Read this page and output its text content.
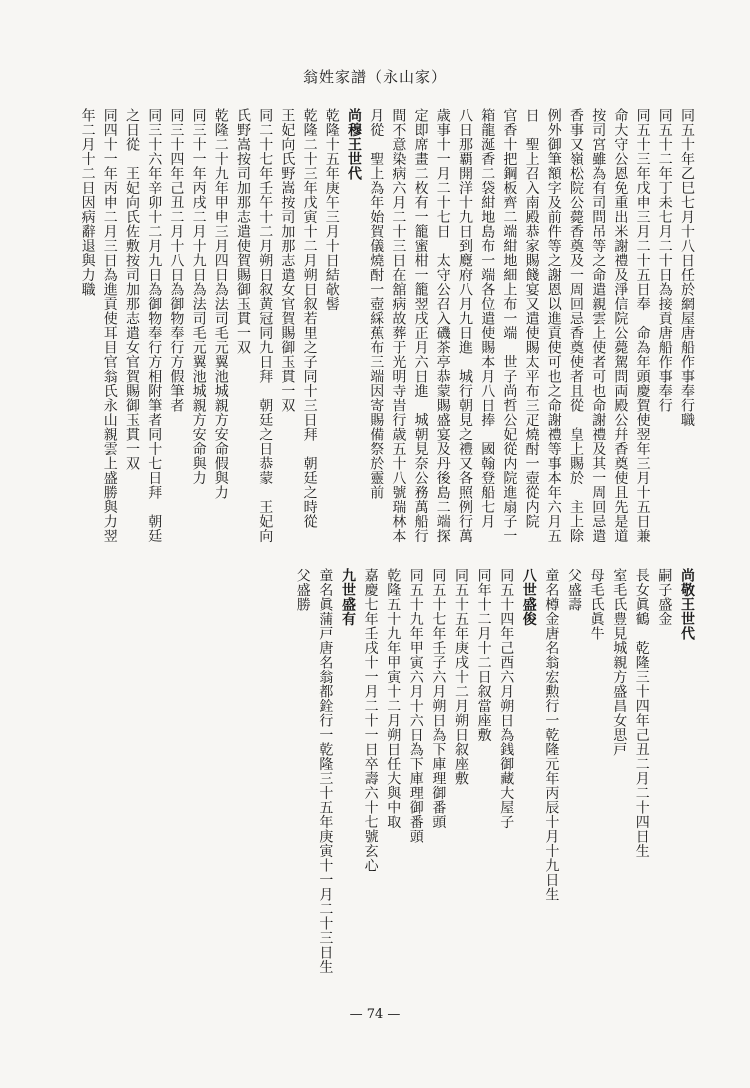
翁姓家譜（永山家）
同五十年乙巳七月十八日任於網屋唐船作事奉行職
同五十二年丁未七月二十日為接貢唐船作事奉行
同五十三年戊申三月二十五日奉　命為年頭慶賀使翌年三月十五日兼
命大守公恩免重出米謝禮及淨信院公薨駕問両殿公幷香奠使且先是道
按司宮雖為有司問吊等之命遣親雲上使者可也命謝禮及其一周回忌遣
香事又嶺松院公薨香奠及一周回忌香奠使者且從　皇上賜於　主上除
例外御筆額字及前件等之謝恩以進貢使可也之命謝禮等事本年六月五
日　聖上召入南殿恭家賜餞宴又遣使賜太平布三疋燒酎一壺從内院
官香十把鋼板齊二端紺地細上布一端　世子尚哲公妃從内院進扇子一
箱龍涎香二袋紺地島布一端各位遣使賜本月八日捧　國翰登船七月
八日那覇開洋十九日到麑府八月九日進　城行朝見之禮又各照例行萬
歳事十一月二十七日　太守公召入磯茶亭恭蒙賜盛宴及丹後島二端探
定即席畫二枚有一籠蜜柑一籠翌戌正月六日進　城朝見奈公務萬船行
間不意染病六月二十三日在舘病故葬于光明寺旹行歳五十八號瑞林本
月從　聖上為年始賀儀燒酎一壺綵蕉布三端因寄賜備祭於靈前
尚穆王世代
乾隆十五年庚午三月十日結欹髻
乾隆二十三年戊寅十二月朔日叙若里之子同十三日拜　朝廷之時從
王妃向氏野嵩按司加那志遣女官賀賜御玉貫一双
同二十七年壬午十二月朔日叙黄冠同九日拜　朝廷之日恭蒙　王妃向
氏野嵩按司加那志遣使賀賜御玉貫一双
乾隆二十九年甲申三月四日為法司毛元翼池城親方安命假與力
同三十一年丙戌二月十九日為法司毛元翼池城親方安命與力
同三十四年己丑二月十八日為御物奉行方假筆者
同三十六年辛卯十二月九日為御物奉行方相附筆者同十七日拜　朝廷
之日從　王妃向氏佐敷按司加那志遣女官賀賜御玉貫一双
同四十一年丙申二月三日為進貢使耳目官翁氏永山親雲上盛勝與力翌
年二月十二日因病辭退與力職
尚敬王世代
嗣子盛金
長女眞鶴　乾隆三十四年己丑二月二十四日生
室毛氏豊見城親方盛昌女思戸
母毛氏眞牛
父盛壽
童名樽金唐名翁宏勲行一乾隆元年丙辰十月十九日生
八世盛俊
同五十四年己酉六月朔日為銭御藏大屋子
同年十二月十二日叙當座敷
同五十五年庚戌十二月朔日叙座敷
同五十七年壬子六月朔日為下庫理御番頭
同五十九年甲寅六月十六日為下庫理御番頭
乾隆五十九年甲寅十二月朔日任大與中取
嘉慶七年壬戌十一月二十一日卒壽六十七號玄心
九世盛有
童名眞蒲戸唐名翁都銓行一乾隆三十五年庚寅十一月二十三日生
父盛勝
— 74 —
